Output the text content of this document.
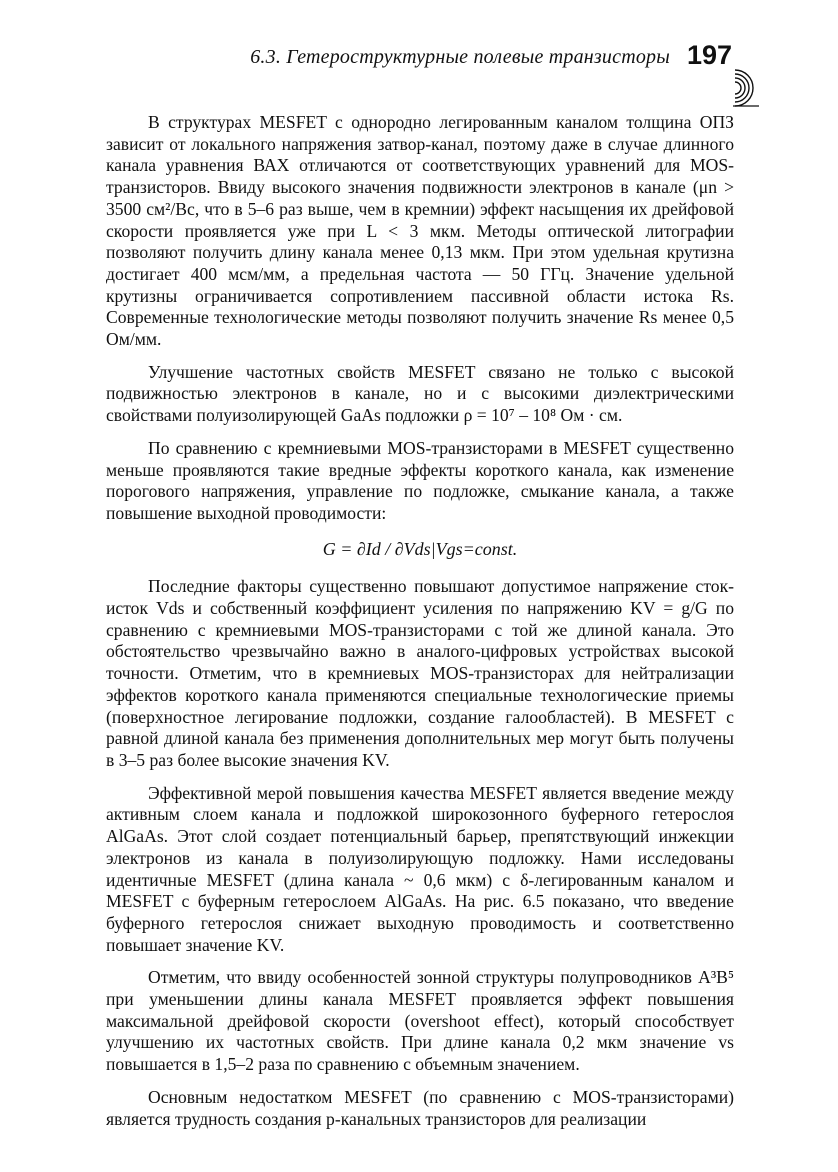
6.3. Гетероструктурные полевые транзисторы 197

В структурах MESFET с однородно легированным каналом толщина ОПЗ зависит от локального напряжения затвор-канал, поэтому даже в случае длинного канала уравнения ВАХ отличаются от соответствующих уравнений для MOS-транзисторов. Ввиду высокого значения подвижности электронов в канале (μn > 3500 см²/Вс, что в 5–6 раз выше, чем в кремнии) эффект насыщения их дрейфовой скорости проявляется уже при L < 3 мкм. Методы оптической литографии позволяют получить длину канала менее 0,13 мкм. При этом удельная крутизна достигает 400 мсм/мм, а предельная частота — 50 ГГц. Значение удельной крутизны ограничивается сопротивлением пассивной области истока Rs. Современные технологические методы позволяют получить значение Rs менее 0,5 Ом/мм.

Улучшение частотных свойств MESFET связано не только с высокой подвижностью электронов в канале, но и с высокими диэлектрическими свойствами полуизолирующей GaAs подложки ρ = 10⁷ – 10⁸ Ом · см.

По сравнению с кремниевыми MOS-транзисторами в MESFET существенно меньше проявляются такие вредные эффекты короткого канала, как изменение порогового напряжения, управление по подложке, смыкание канала, а также повышение выходной проводимости:

G = ∂Id / ∂Vds|Vgs=const.

Последние факторы существенно повышают допустимое напряжение сток-исток Vds и собственный коэффициент усиления по напряжению KV = g/G по сравнению с кремниевыми MOS-транзисторами с той же длиной канала. Это обстоятельство чрезвычайно важно в аналого-цифровых устройствах высокой точности. Отметим, что в кремниевых MOS-транзисторах для нейтрализации эффектов короткого канала применяются специальные технологические приемы (поверхностное легирование подложки, создание галообластей). В MESFET с равной длиной канала без применения дополнительных мер могут быть получены в 3–5 раз более высокие значения KV.

Эффективной мерой повышения качества MESFET является введение между активным слоем канала и подложкой широкозонного буферного гетерослоя AlGaAs. Этот слой создает потенциальный барьер, препятствующий инжекции электронов из канала в полуизолирующую подложку. Нами исследованы идентичные MESFET (длина канала ~ 0,6 мкм) с δ-легированным каналом и MESFET с буферным гетерослоем AlGaAs. На рис. 6.5 показано, что введение буферного гетерослоя снижает выходную проводимость и соответственно повышает значение KV.

Отметим, что ввиду особенностей зонной структуры полупроводников A³B⁵ при уменьшении длины канала MESFET проявляется эффект повышения максимальной дрейфовой скорости (overshoot effect), который способствует улучшению их частотных свойств. При длине канала 0,2 мкм значение vs повышается в 1,5–2 раза по сравнению с объемным значением.

Основным недостатком MESFET (по сравнению с MOS-транзисторами) является трудность создания p-канальных транзисторов для реализации
